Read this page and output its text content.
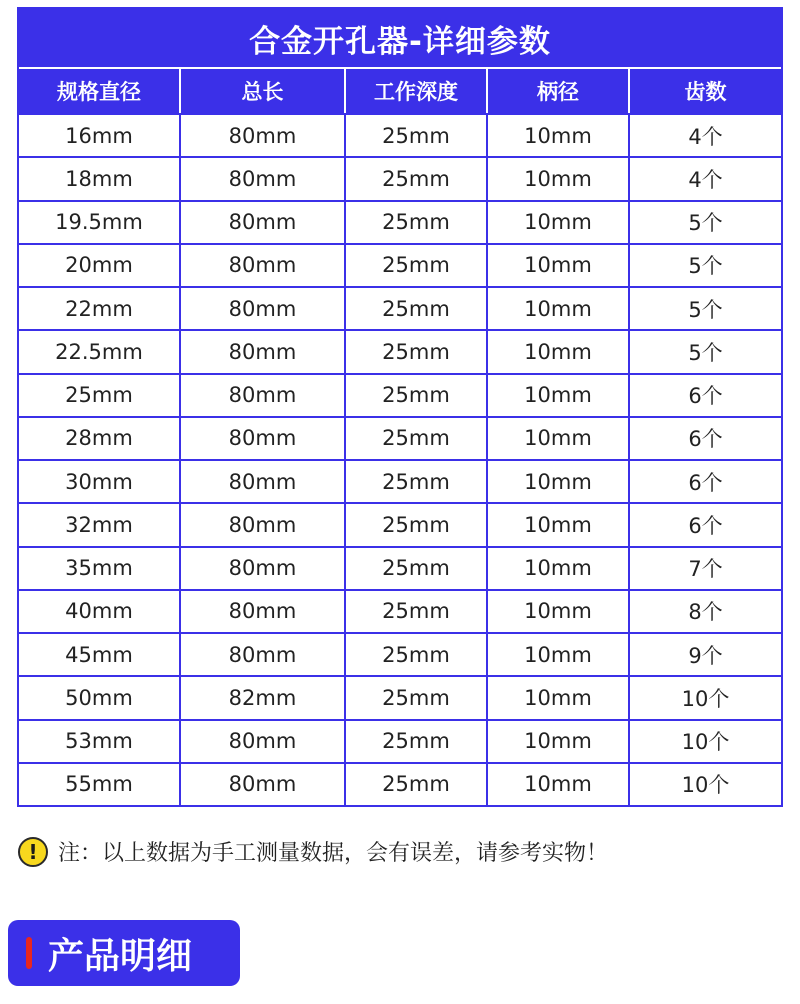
合金开孔器-详细参数
规格直径	总长	工作深度	柄径	齿数
16mm	80mm	25mm	10mm	4个
18mm	80mm	25mm	10mm	4个
19.5mm	80mm	25mm	10mm	5个
20mm	80mm	25mm	10mm	5个
22mm	80mm	25mm	10mm	5个
22.5mm	80mm	25mm	10mm	5个
25mm	80mm	25mm	10mm	6个
28mm	80mm	25mm	10mm	6个
30mm	80mm	25mm	10mm	6个
32mm	80mm	25mm	10mm	6个
35mm	80mm	25mm	10mm	7个
40mm	80mm	25mm	10mm	8个
45mm	80mm	25mm	10mm	9个
50mm	82mm	25mm	10mm	10个
53mm	80mm	25mm	10mm	10个
55mm	80mm	25mm	10mm	10个
! 注：以上数据为手工测量数据，会有误差，请参考实物！
产品明细
